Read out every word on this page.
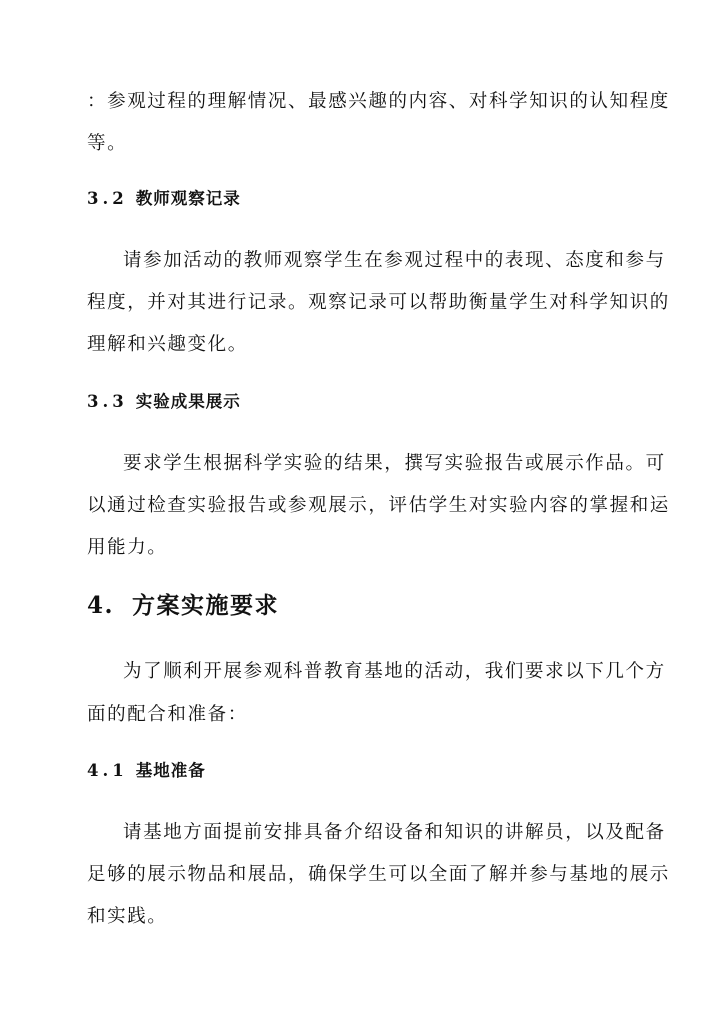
：参观过程的理解情况、最感兴趣的内容、对科学知识的认知程度
等。
3.2 教师观察记录
请参加活动的教师观察学生在参观过程中的表现、态度和参与
程度，并对其进行记录。观察记录可以帮助衡量学生对科学知识的
理解和兴趣变化。
3.3 实验成果展示
要求学生根据科学实验的结果，撰写实验报告或展示作品。可
以通过检查实验报告或参观展示，评估学生对实验内容的掌握和运
用能力。
4. 方案实施要求
为了顺利开展参观科普教育基地的活动，我们要求以下几个方
面的配合和准备：
4.1 基地准备
请基地方面提前安排具备介绍设备和知识的讲解员，以及配备
足够的展示物品和展品，确保学生可以全面了解并参与基地的展示
和实践。
